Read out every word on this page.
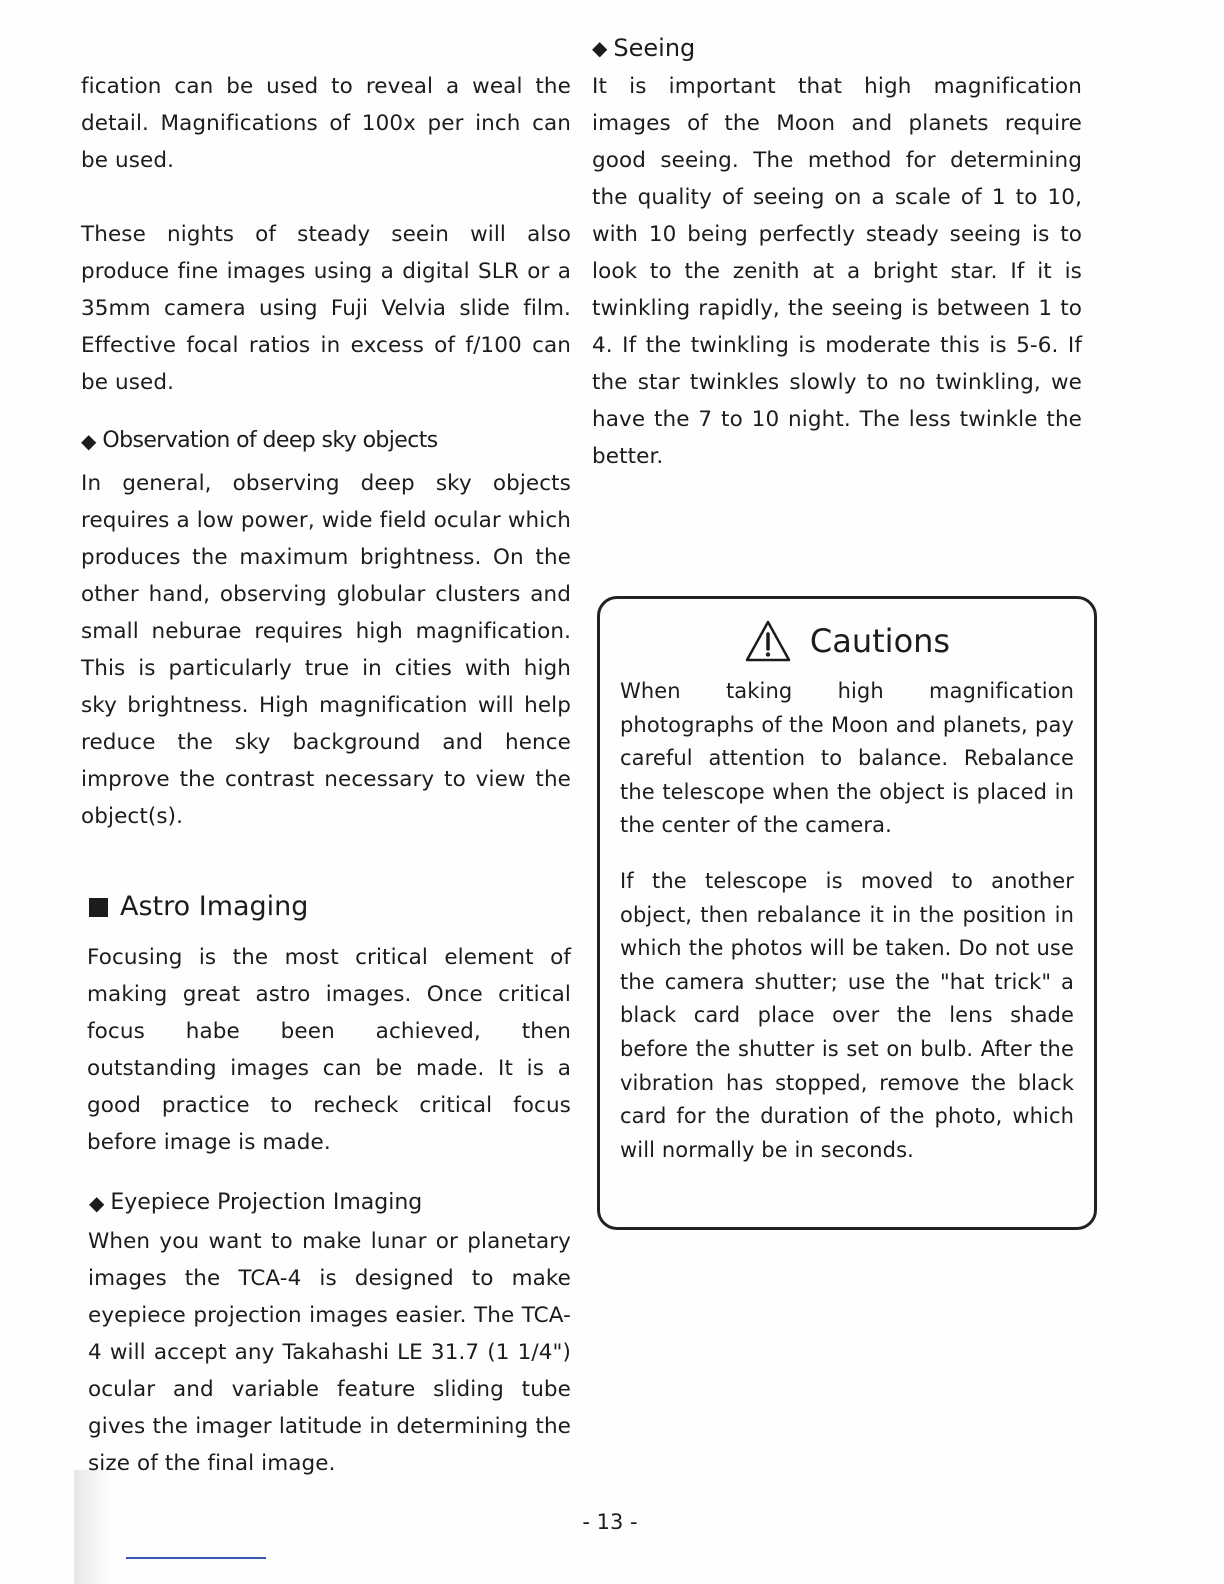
fication can be used to reveal a weal the detail. Magnifications of 100x per inch can be used.

These nights of steady seein will also produce fine images using a digital SLR or a 35mm camera using Fuji Velvia slide film. Effective focal ratios in excess of f/100 can be used.

◆ Observation of deep sky objects

In general, observing deep sky objects requires a low power, wide field ocular which produces the maximum brightness. On the other hand, observing globular clusters and small neburae requires high magnification. This is particularly true in cities with high sky brightness. High magnification will help reduce the sky background and hence improve the contrast necessary to view the object(s).

Astro Imaging

Focusing is the most critical element of making great astro images. Once critical focus habe been achieved, then outstanding images can be made. It is a good practice to recheck critical focus before image is made.

◆ Eyepiece Projection Imaging

When you want to make lunar or planetary images the TCA-4 is designed to make eyepiece projection images easier. The TCA-4 will accept any Takahashi LE 31.7 (1 1/4") ocular and variable feature sliding tube gives the imager latitude in determining the size of the final image.

◆ Seeing

It is important that high magnification images of the Moon and planets require good seeing. The method for determining the quality of seeing on a scale of 1 to 10, with 10 being perfectly steady seeing is to look to the zenith at a bright star. If it is twinkling rapidly, the seeing is between 1 to 4. If the twinkling is moderate this is 5-6. If the star twinkles slowly to no twinkling, we have the 7 to 10 night. The less twinkle the better.

Cautions

When taking high magnification photographs of the Moon and planets, pay careful attention to balance. Rebalance the telescope when the object is placed in the center of the camera.

If the telescope is moved to another object, then rebalance it in the position in which the photos will be taken. Do not use the camera shutter; use the "hat trick" a black card place over the lens shade before the shutter is set on bulb. After the vibration has stopped, remove the black card for the duration of the photo, which will normally be in seconds.

- 13 -
